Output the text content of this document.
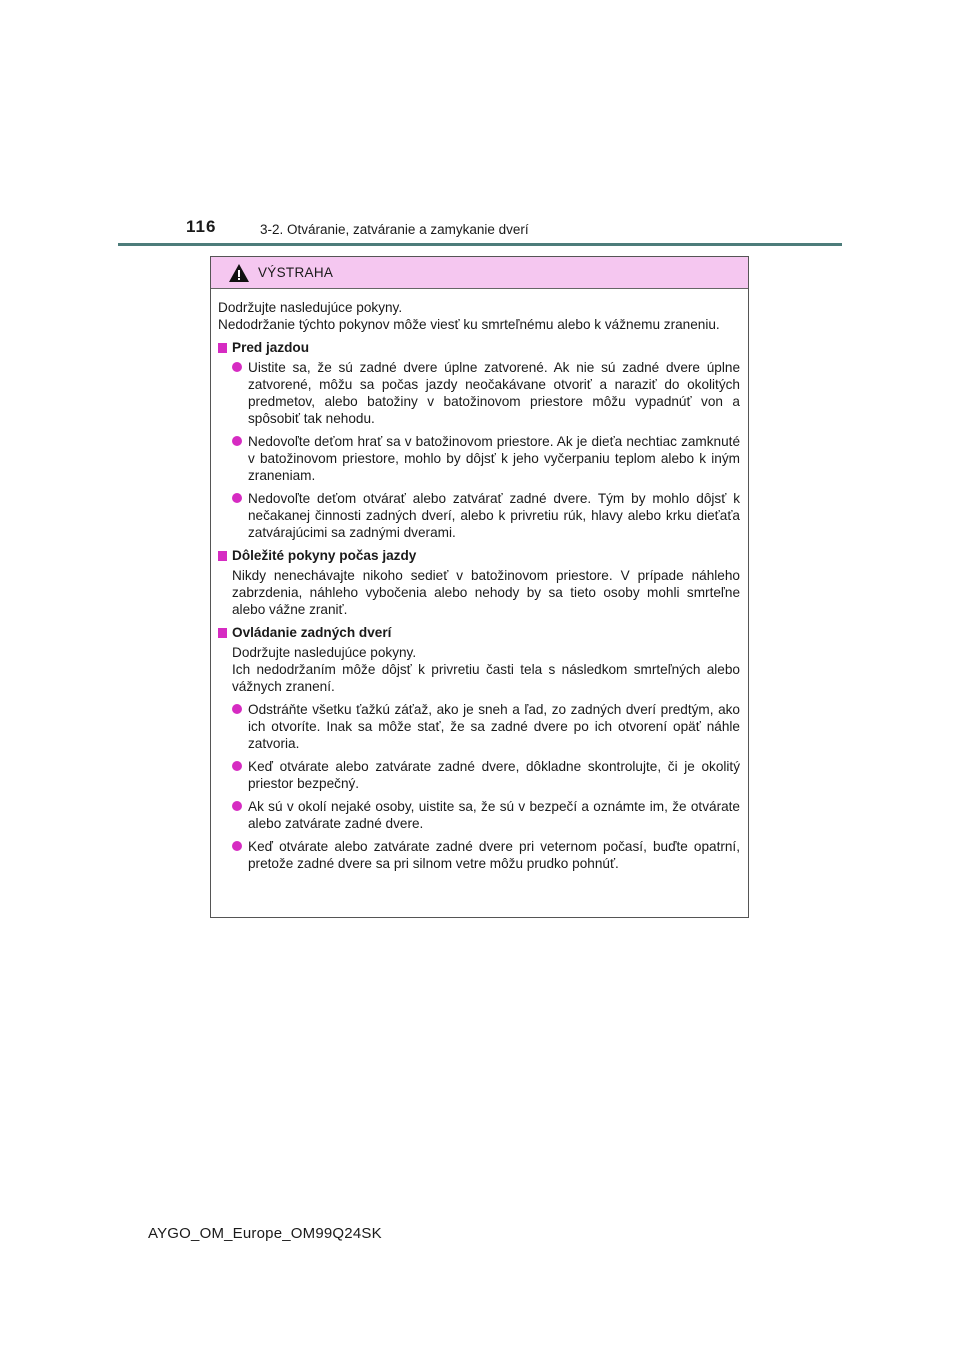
116	3-2. Otváranie, zatváranie a zamykanie dverí
VÝSTRAHA

Dodržujte nasledujúce pokyny.

Nedodržanie týchto pokynov môže viesť ku smrteľnému alebo k vážnemu zraneniu.

Pred jazdou

Uistite sa, že sú zadné dvere úplne zatvorené. Ak nie sú zadné dvere úplne zatvorené, môžu sa počas jazdy neočakávane otvoriť a naraziť do okolitých predmetov, alebo batožiny v batožinovom priestore môžu vypadnúť von a spôsobiť tak nehodu.

Nedovoľte deťom hrať sa v batožinovom priestore. Ak je dieťa nechtiac zamknuté v batožinovom priestore, mohlo by dôjsť k jeho vyčerpaniu teplom alebo k iným zraneniam.

Nedovoľte deťom otvárať alebo zatvárať zadné dvere. Tým by mohlo dôjsť k nečakanej činnosti zadných dverí, alebo k privretiu rúk, hlavy alebo krku dieťaťa zatvárajúcimi sa zadnými dverami.

Dôležité pokyny počas jazdy

Nikdy nenechávajte nikoho sedieť v batožinovom priestore. V prípade náhleho zabrzdenia, náhleho vybočenia alebo nehody by sa tieto osoby mohli smrteľne alebo vážne zraniť.

Ovládanie zadných dverí

Dodržujte nasledujúce pokyny.

Ich nedodržaním môže dôjsť k privretiu časti tela s následkom smrteľných alebo vážnych zranení.

Odstráňte všetku ťažkú záťaž, ako je sneh a ľad, zo zadných dverí predtým, ako ich otvoríte. Inak sa môže stať, že sa zadné dvere po ich otvorení opäť náhle zatvoria.

Keď otvárate alebo zatvárate zadné dvere, dôkladne skontrolujte, či je okolitý priestor bezpečný.

Ak sú v okolí nejaké osoby, uistite sa, že sú v bezpečí a oznámte im, že otvárate alebo zatvárate zadné dvere.

Keď otvárate alebo zatvárate zadné dvere pri veternom počasí, buďte opatrní, pretože zadné dvere sa pri silnom vetre môžu prudko pohnúť.

AYGO_OM_Europe_OM99Q24SK
